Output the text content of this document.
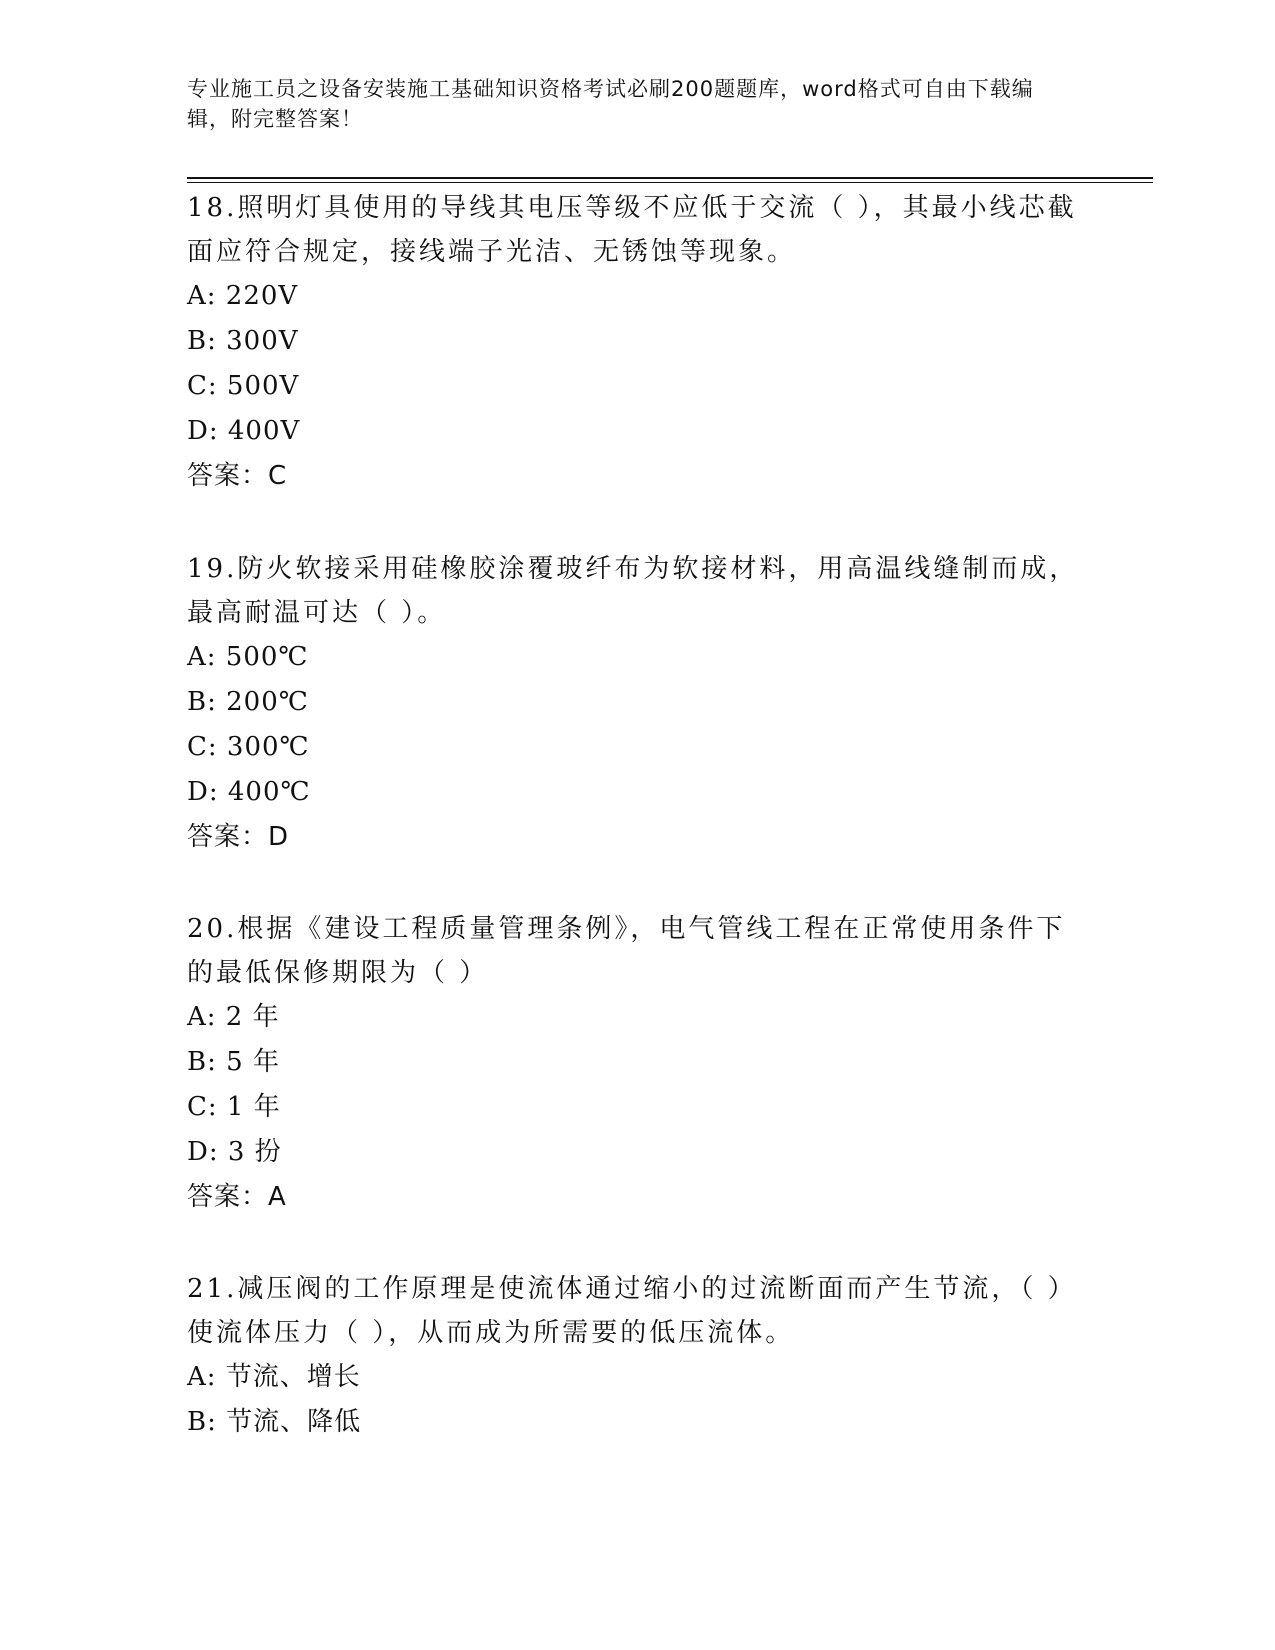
专业施工员之设备安装施工基础知识资格考试必刷200题题库，word格式可自由下载编辑，附完整答案！

18.照明灯具使用的导线其电压等级不应低于交流（ ），其最小线芯截面应符合规定，接线端子光洁、无锈蚀等现象。

A: 220V

B: 300V

C: 500V

D: 400V

答案：C

19.防火软接采用硅橡胶涂覆玻纤布为软接材料，用高温线缝制而成，最高耐温可达（ ）。

A: 500℃

B: 200℃

C: 300℃

D: 400℃

答案：D

20.根据《建设工程质量管理条例》，电气管线工程在正常使用条件下的最低保修期限为（ ）

A: 2 年

B: 5 年

C: 1 年

D: 3 扮

答案：A

21.减压阀的工作原理是使流体通过缩小的过流断面而产生节流，（ ）使流体压力（ ），从而成为所需要的低压流体。

A: 节流、增长

B: 节流、降低
